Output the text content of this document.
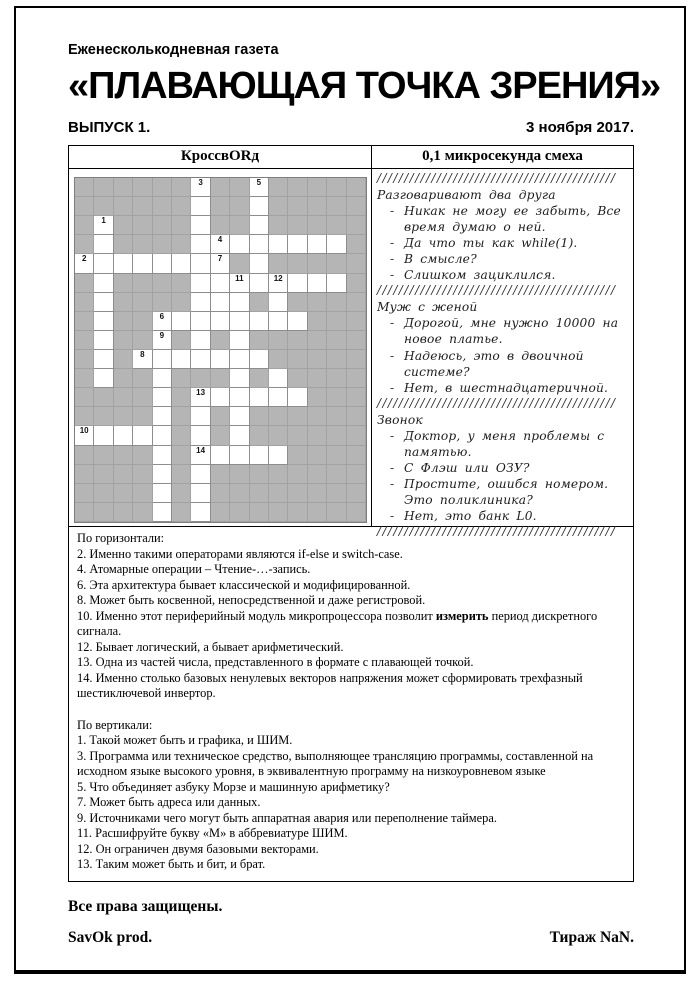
Еженесколькодневная газета
«ПЛАВАЮЩАЯ ТОЧКА ЗРЕНИЯ»
ВЫПУСК 1.	3 ноября 2017.
КроссвORд	0,1 микросекунда смеха
3	5
1
4
2	7
11	12
6
9
8
13
10
14
////////////////////////////////////////////
Разговаривают два друга
- Никак не могу ее забыть, Все время думаю о ней.
- Да что ты как while(1).
- В смысле?
- Слишком зациклился.
////////////////////////////////////////////
Муж с женой
- Дорогой, мне нужно 10000 на новое платье.
- Надеюсь, это в двоичной системе?
- Нет, в шестнадцатеричной.
////////////////////////////////////////////
Звонок
- Доктор, у меня проблемы с памятью.
- С Флэш или ОЗУ?
- Простите, ошибся номером. Это поликлиника?
- Нет, это банк L0.
////////////////////////////////////////////
По горизонтали:
2. Именно такими операторами являются if-else и switch-case.
4. Атомарные операции – Чтение-…-запись.
6. Эта архитектура бывает классической и модифицированной.
8. Может быть косвенной, непосредственной и даже регистровой.
10. Именно этот периферийный модуль микропроцессора позволит измерить период дискретного сигнала.
12. Бывает логический, а бывает арифметический.
13. Одна из частей числа, представленного в формате с плавающей точкой.
14. Именно столько базовых ненулевых векторов напряжения может сформировать трехфазный шестиключевой инвертор.
По вертикали:
1. Такой может быть и графика, и ШИМ.
3. Программа или техническое средство, выполняющее трансляцию программы, составленной на исходном языке высокого уровня, в эквивалентную программу на низкоуровневом языке
5. Что объединяет азбуку Морзе и машинную арифметику?
7. Может быть адреса или данных.
9. Источниками чего могут быть аппаратная авария или переполнение таймера.
11. Расшифруйте букву «М» в аббревиатуре ШИМ.
12. Он ограничен двумя базовыми векторами.
13. Таким может быть и бит, и брат.
Все права защищены.
SavOk prod.	Тираж NaN.
